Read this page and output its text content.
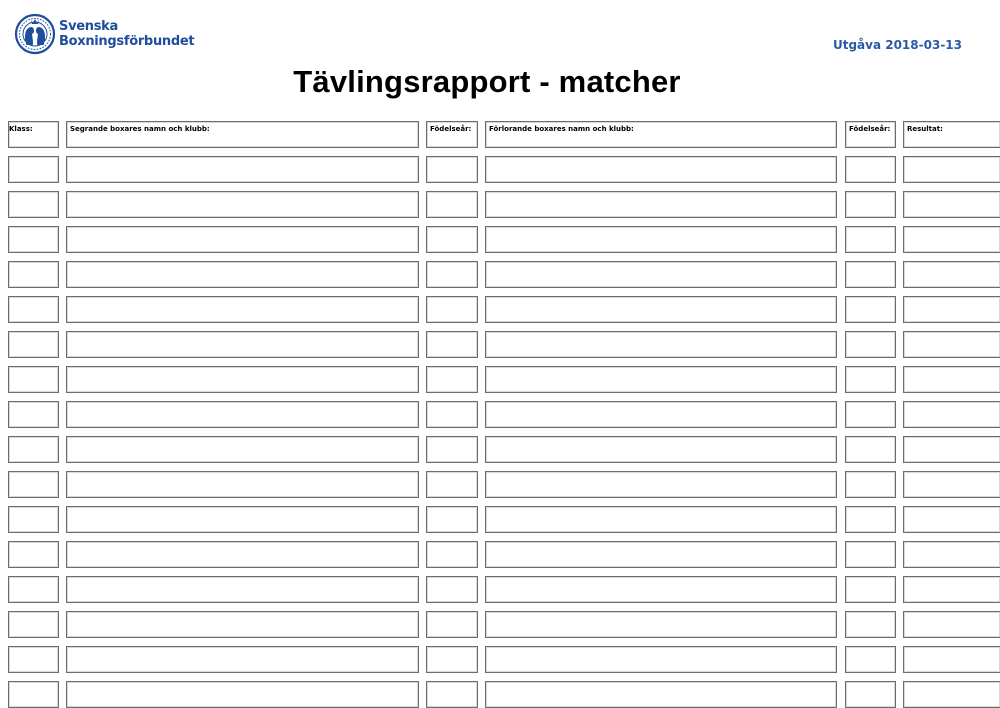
Svenska
Boxningsförbundet	Utgåva 2018-03-13
Tävlingsrapport - matcher
Klass:	Segrande boxares namn och klubb:	Födelseår:	Förlorande boxares namn och klubb:	Födelseår:	Resultat:
